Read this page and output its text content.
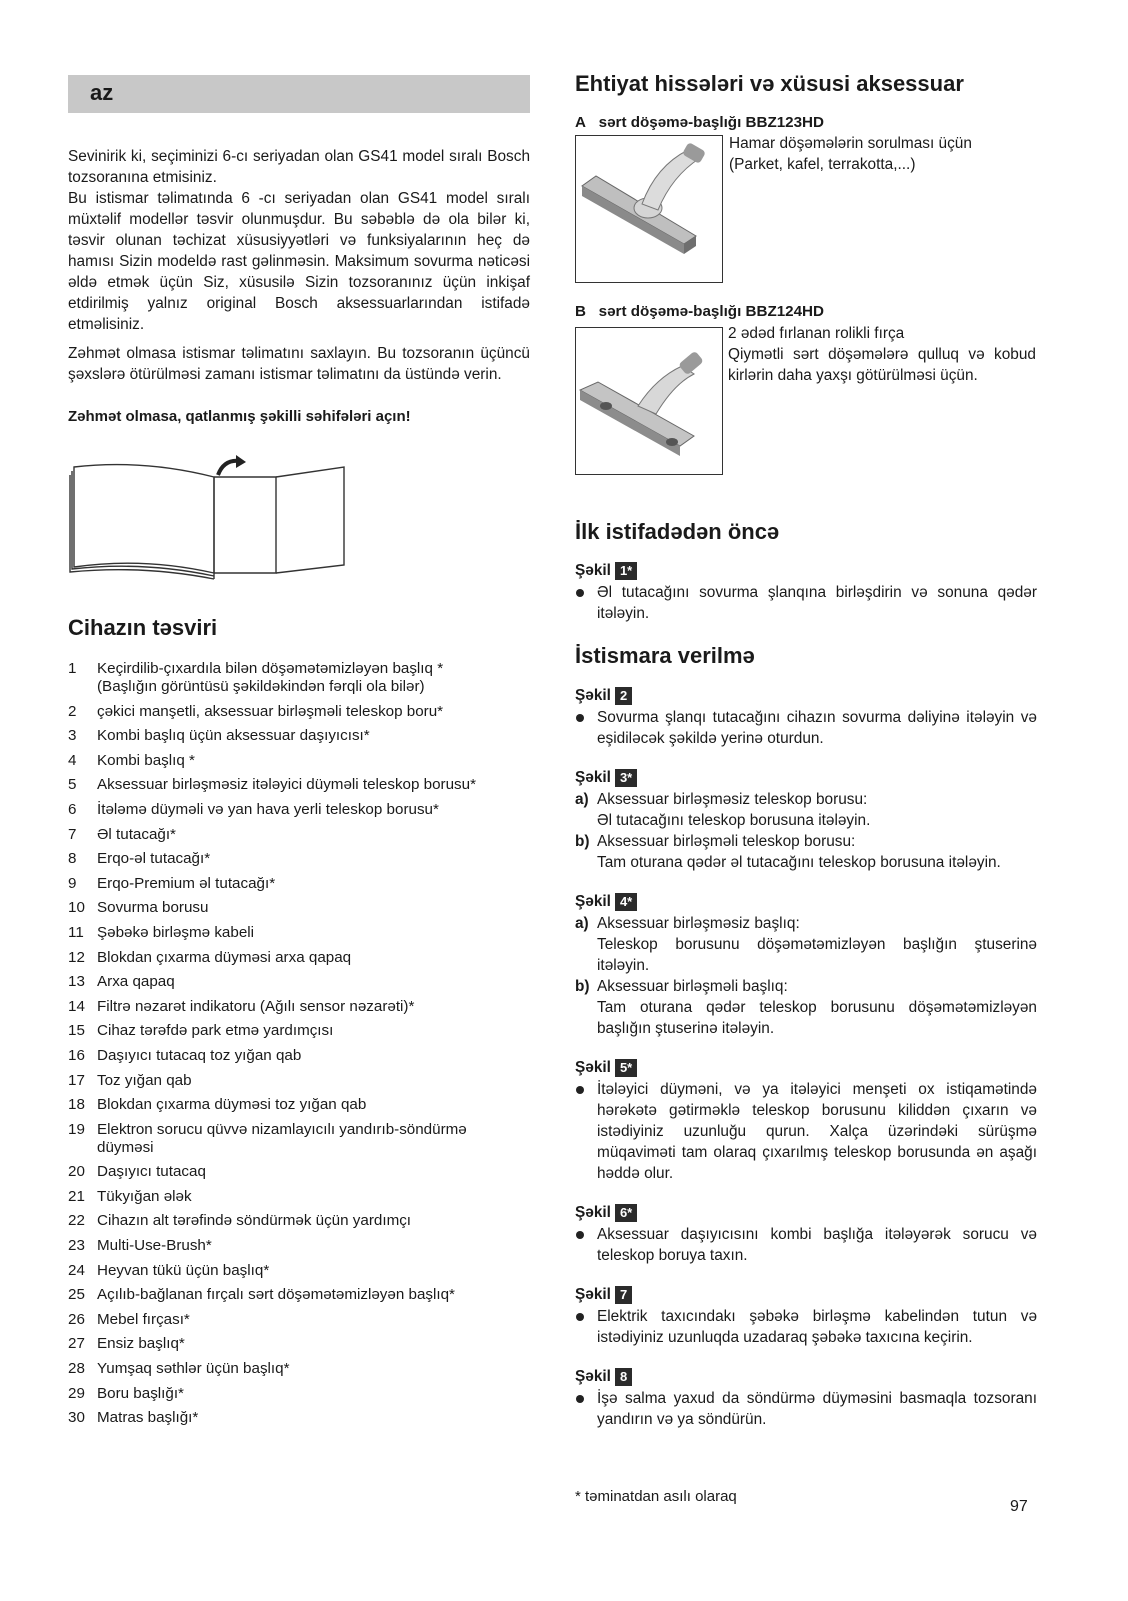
az

Sevinirik ki, seçiminizi 6-cı seriyadan olan GS41 model sıralı Bosch tozsoranına etmisiniz.

Bu istismar təlimatında 6 -cı seriyadan olan GS41 model sıralı müxtəlif modellər təsvir olunmuşdur. Bu səbəblə də ola bilər ki, təsvir olunan təchizat xüsusiyyətləri və funksiyalarının heç də hamısı Sizin modeldə rast gəlinməsin. Maksimum sovurma nəticəsi əldə etmək üçün Siz, xüsusilə Sizin tozsoranınız üçün inkişaf etdirilmiş yalnız original Bosch aksessuarlarından istifadə etməlisiniz.

Zəhmət olmasa istismar təlimatını saxlayın. Bu tozsoranın üçüncü şəxslərə ötürülməsi zamanı istismar təlimatını da üstündə verin.

Zəhmət olmasa, qatlanmış şəkilli səhifələri açın!

Cihazın təsviri
1	Keçirdilib-çıxardıla bilən döşəmətəmizləyən başlıq *
(Başlığın görüntüsü şəkildəkindən fərqli ola bilər)
2	çəkici manşetli, aksessuar birləşməli teleskop boru*
3	Kombi başlıq üçün aksessuar daşıyıcısı*
4	Kombi başlıq *
5	Aksessuar birləşməsiz itələyici düyməli teleskop borusu*
6	İtələmə düyməli və yan hava yerli teleskop borusu*
7	Əl tutacağı*
8	Erqo-əl tutacağı*
9	Erqo-Premium əl tutacağı*
10 Sovurma borusu
11 Şəbəkə birləşmə kabeli
12 Blokdan çıxarma düyməsi arxa qapaq
13 Arxa qapaq
14 Filtrə nəzarət indikatoru (Ağılı sensor nəzarəti)*
15 Cihaz tərəfdə park etmə yardımçısı
16 Daşıyıcı tutacaq toz yığan qab
17 Toz yığan qab
18 Blokdan çıxarma düyməsi toz yığan qab
19 Elektron sorucu qüvvə nizamlayıcılı yandırıb-söndürmə
düyməsi
20 Daşıyıcı tutacaq
21 Tükyığan ələk
22 Cihazın alt tərəfində söndürmək üçün yardımçı
23 Multi-Use-Brush*
24 Heyvan tükü üçün başlıq*
25 Açılıb-bağlanan fırçalı sərt döşəmətəmizləyən başlıq*
26 Mebel fırçası*
27 Ensiz başlıq*
28 Yumşaq səthlər üçün başlıq*
29 Boru başlığı*
30 Matras başlığı*
Ehtiyat hissələri və xüsusi aksessuar
A sərt döşəmə-başlığı BBZ123HD
Hamar döşəmələrin sorulması üçün
(Parket, kafel, terrakotta,...)
B sərt döşəmə-başlığı BBZ124HD
2 ədəd fırlanan rolikli fırça
Qiymətli sərt döşəmələrə qulluq və kobud kirlərin daha yaxşı götürülməsi üçün.
İlk istifadədən öncə
Şəkil 1*
Əl tutacağını sovurma şlanqına birləşdirin və sonuna qədər itələyin.
İstismara verilmə
Şəkil 2
Sovurma şlanqı tutacağını cihazın sovurma dəliyinə itələyin və eşidiləcək şəkildə yerinə oturdun.
Şəkil 3*
a) Aksessuar birləşməsiz teleskop borusu:
Əl tutacağını teleskop borusuna itələyin.
b) Aksessuar birləşməli teleskop borusu:
Tam oturana qədər əl tutacağını teleskop borusuna itələyin.
Şəkil 4*
a) Aksessuar birləşməsiz başlıq:
Teleskop borusunu döşəmətəmizləyən başlığın ştuserinə itələyin.
b) Aksessuar birləşməli başlıq:
Tam oturana qədər teleskop borusunu döşəmətəmizləyən başlığın ştuserinə itələyin.
Şəkil 5*
İtələyici düyməni, və ya itələyici menşeti ox istiqamətində hərəkətə gətirməklə teleskop borusunu kiliddən çıxarın və istədiyiniz uzunluğu qurun. Xalça üzərindəki sürüşmə müqaviməti tam olaraq çıxarılmış teleskop borusunda ən aşağı həddə olur.
Şəkil 6*
Aksessuar daşıyıcısını kombi başlığa itələyərək sorucu və teleskop boruya taxın.
Şəkil 7
Elektrik taxıcındakı şəbəkə birləşmə kabelindən tutun və istədiyiniz uzunluqda uzadaraq şəbəkə taxıcına keçirin.
Şəkil 8
İşə salma yaxud da söndürmə düyməsini basmaqla tozsoranı yandırın və ya söndürün.
* təminatdan asılı olaraq
97
